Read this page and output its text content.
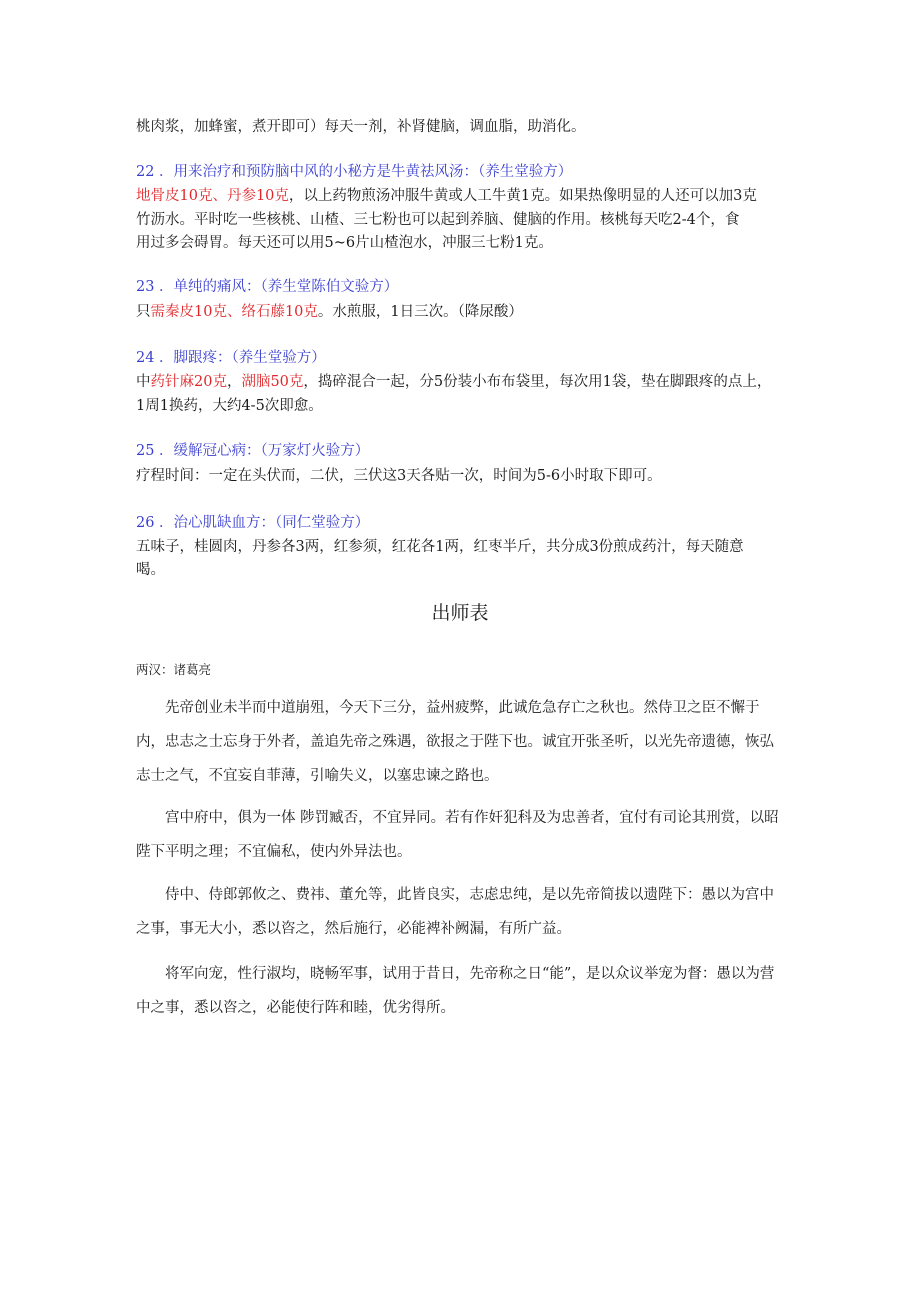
桃肉浆，加蜂蜜，煮开即可）每天一剂，补肾健脑，调血脂，助消化。
22 ．用来治疗和预防脑中风的小秘方是牛黄祛风汤：（养生堂验方）
地骨皮10克、丹参10克，以上药物煎汤冲服牛黄或人工牛黄1克。如果热像明显的人还可以加3克
竹沥水。平时吃一些核桃、山楂、三七粉也可以起到养脑、健脑的作用。核桃每天吃2-4个，食
用过多会碍胃。每天还可以用5~6片山楂泡水，冲服三七粉1克。
23 ．单纯的痛风：（养生堂陈伯文验方）
只需秦皮10克、络石藤10克。水煎服，1日三次。（降尿酸）
24 ．脚跟疼：（养生堂验方）
中药针麻20克，湖脑50克，捣碎混合一起，分5份装小布布袋里，每次用1袋，垫在脚跟疼的点上，
1周1换药，大约4-5次即愈。
25 ．缓解冠心病：（万家灯火验方）
疗程时间：一定在头伏而，二伏，三伏这3天各贴一次，时间为5-6小时取下即可。
26 ．治心肌缺血方：（同仁堂验方）
五味子，桂圆肉，丹参各3两，红参须，红花各1两，红枣半斤，共分成3份煎成药汁，每天随意
喝。
出师表
两汉：诸葛亮
先帝创业未半而中道崩殂，今天下三分，益州疲弊，此诚危急存亡之秋也。然侍卫之臣不懈于内，忠志之士忘身于外者，盖追先帝之殊遇，欲报之于陛下也。诚宜开张圣听，以光先帝遗德，恢弘志士之气，不宜妄自菲薄，引喻失义，以塞忠谏之路也。
宫中府中，俱为一体 陟罚臧否，不宜异同。若有作奸犯科及为忠善者，宜付有司论其刑赏，以昭陛下平明之理；不宜偏私，使内外异法也。
侍中、侍郎郭攸之、费祎、董允等，此皆良实，志虑忠纯，是以先帝简拔以遗陛下：愚以为宫中之事，事无大小，悉以咨之，然后施行，必能裨补阙漏，有所广益。
将军向宠，性行淑均，晓畅军事，试用于昔日，先帝称之日“能”，是以众议举宠为督：愚以为营中之事，悉以咨之，必能使行阵和睦，优劣得所。
